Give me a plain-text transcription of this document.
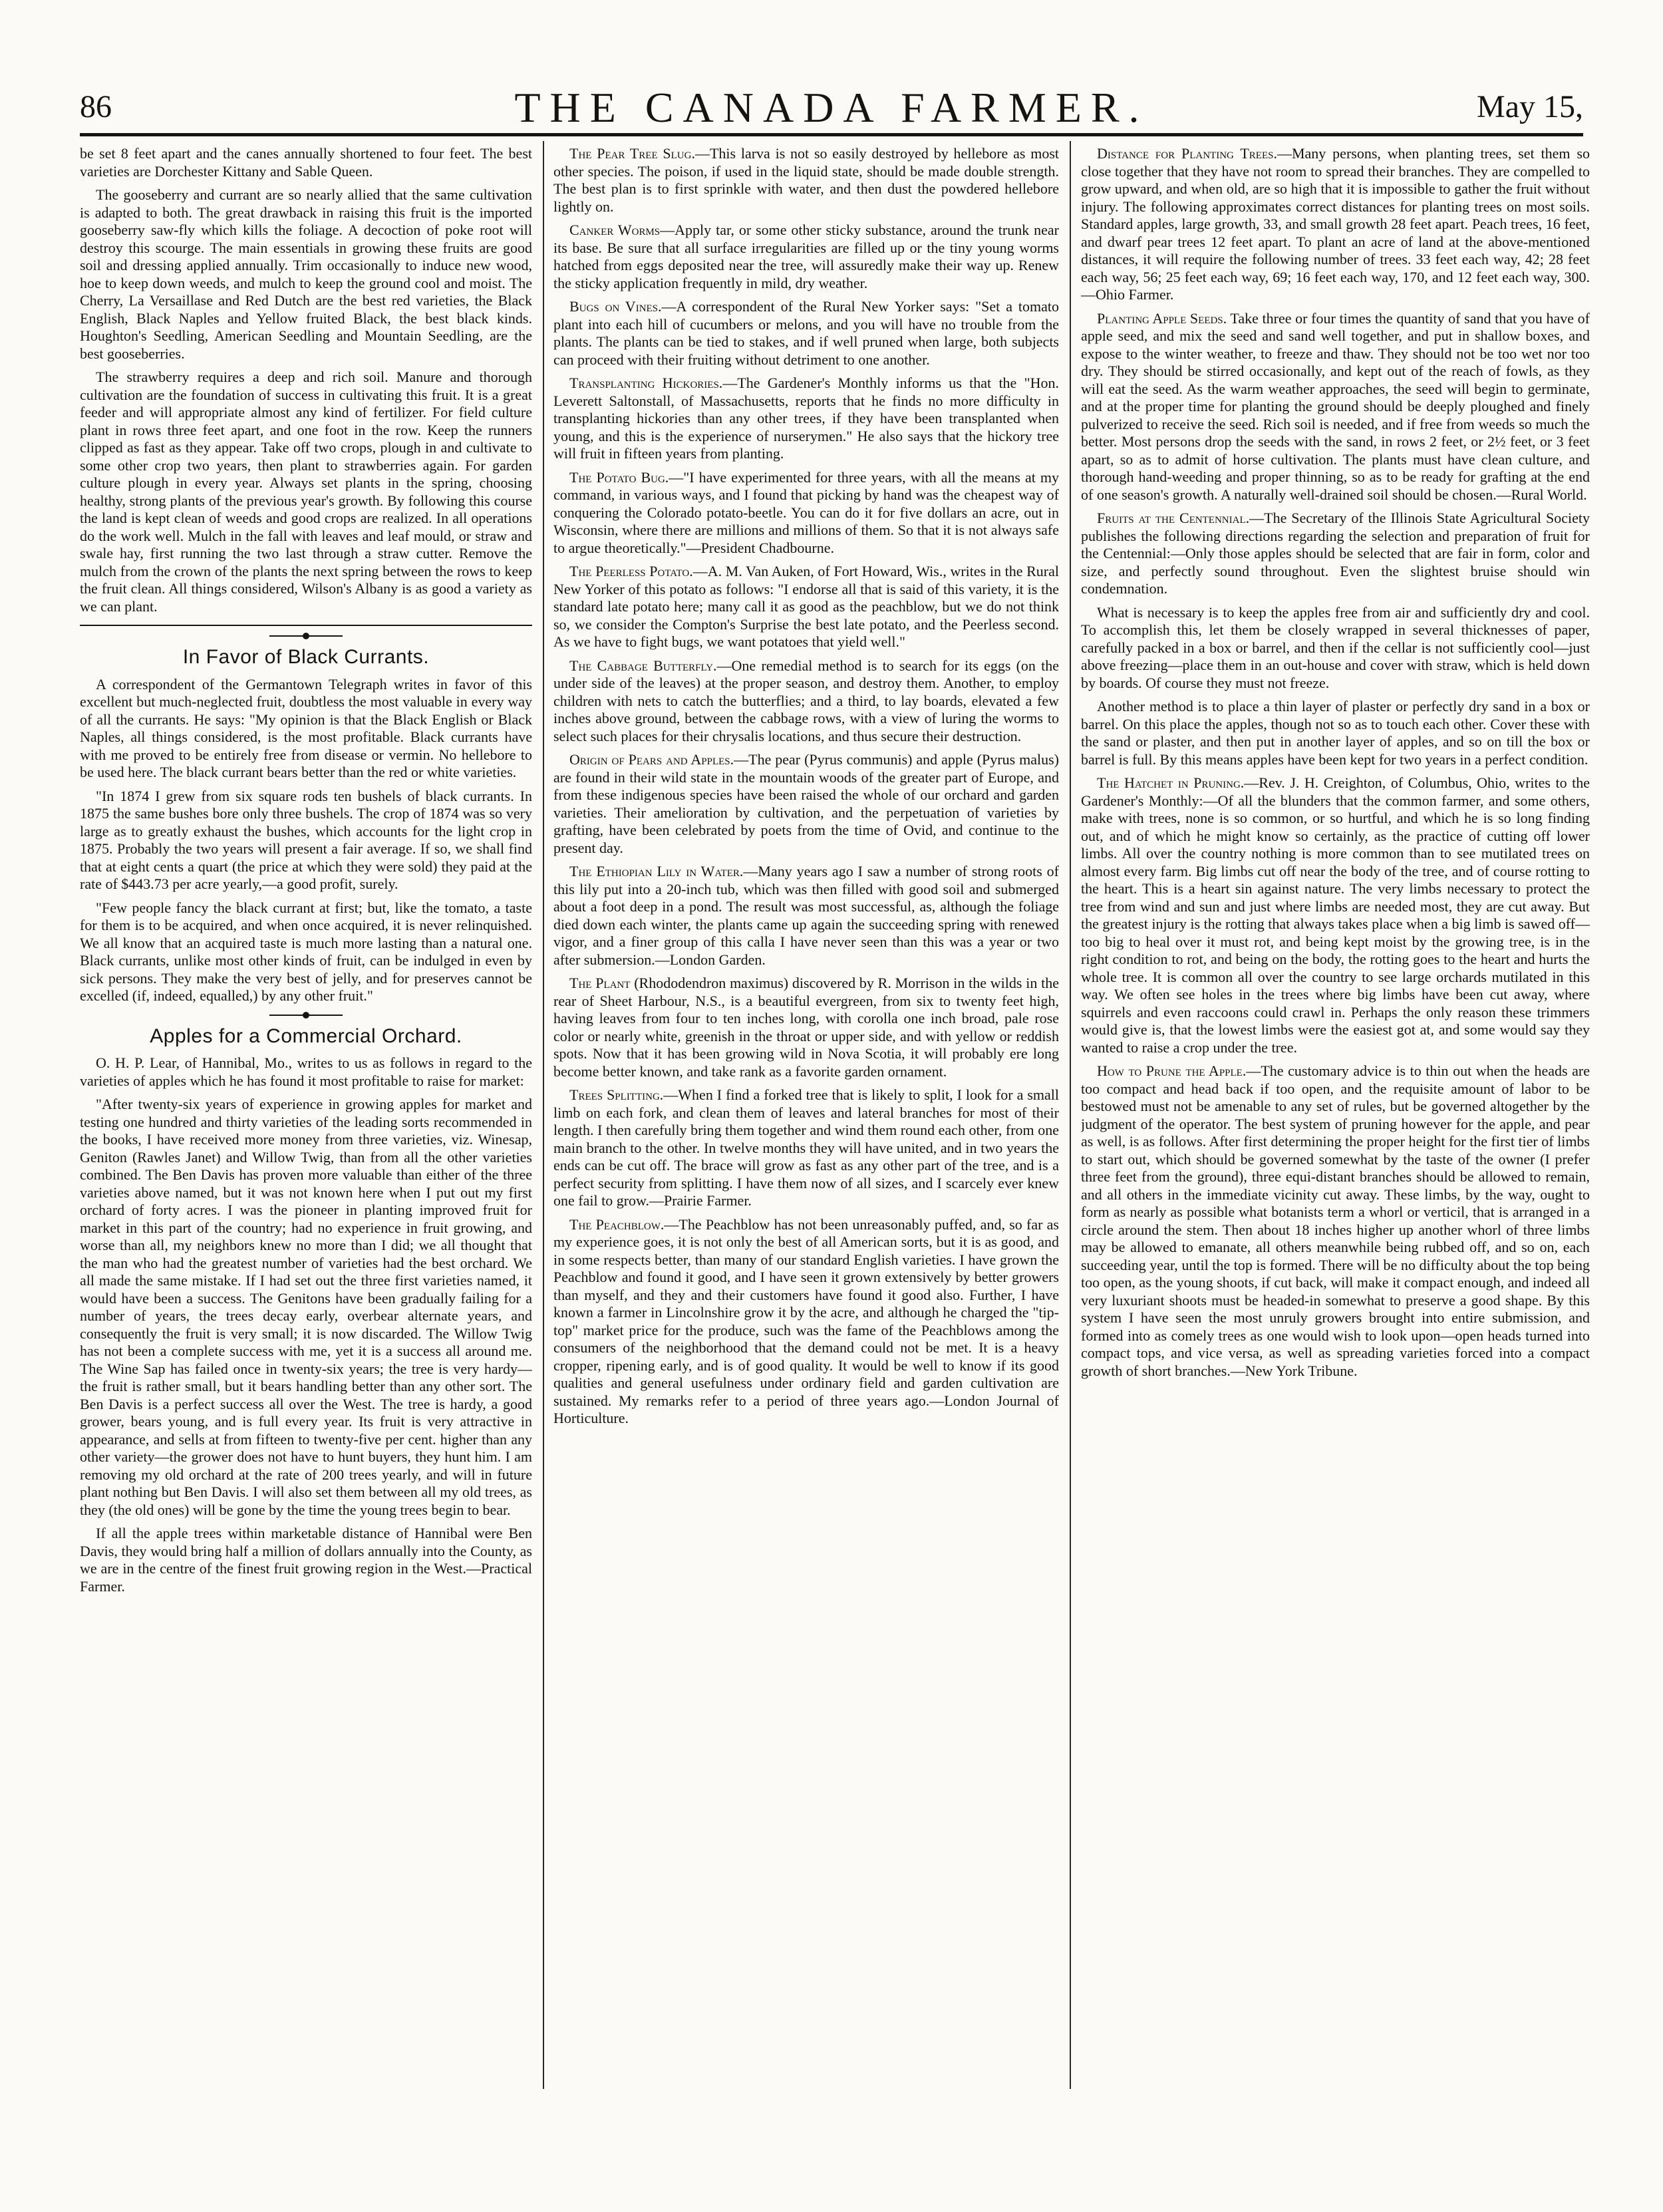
86	THE CANADA FARMER.	May 15,

be set 8 feet apart and the canes annually shortened to four feet. The best varieties are Dorchester Kittany and Sable Queen.

The gooseberry and currant are so nearly allied that the same cultivation is adapted to both. The great drawback in raising this fruit is the imported gooseberry saw-fly which kills the foliage. A decoction of poke root will destroy this scourge. The main essentials in growing these fruits are good soil and dressing applied annually. Trim occasionally to induce new wood, hoe to keep down weeds, and mulch to keep the ground cool and moist. The Cherry, La Versaillase and Red Dutch are the best red varieties, the Black English, Black Naples and Yellow fruited Black, the best black kinds. Houghton's Seedling, American Seedling and Mountain Seedling, are the best gooseberries.

The strawberry requires a deep and rich soil. Manure and thorough cultivation are the foundation of success in cultivating this fruit. It is a great feeder and will appropriate almost any kind of fertilizer. For field culture plant in rows three feet apart, and one foot in the row. Keep the runners clipped as fast as they appear. Take off two crops, plough in and cultivate to some other crop two years, then plant to strawberries again. For garden culture plough in every year. Always set plants in the spring, choosing healthy, strong plants of the previous year's growth. By following this course the land is kept clean of weeds and good crops are realized. In all operations do the work well. Mulch in the fall with leaves and leaf mould, or straw and swale hay, first running the two last through a straw cutter. Remove the mulch from the crown of the plants the next spring between the rows to keep the fruit clean. All things considered, Wilson's Albany is as good a variety as we can plant.

In Favor of Black Currants.

A correspondent of the Germantown Telegraph writes in favor of this excellent but much-neglected fruit, doubtless the most valuable in every way of all the currants. He says: "My opinion is that the Black English or Black Naples, all things considered, is the most profitable. Black currants have with me proved to be entirely free from disease or vermin. No hellebore to be used here. The black currant bears better than the red or white varieties.

"In 1874 I grew from six square rods ten bushels of black currants. In 1875 the same bushes bore only three bushels. The crop of 1874 was so very large as to greatly exhaust the bushes, which accounts for the light crop in 1875. Probably the two years will present a fair average. If so, we shall find that at eight cents a quart (the price at which they were sold) they paid at the rate of $443.73 per acre yearly,—a good profit, surely.

"Few people fancy the black currant at first; but, like the tomato, a taste for them is to be acquired, and when once acquired, it is never relinquished. We all know that an acquired taste is much more lasting than a natural one. Black currants, unlike most other kinds of fruit, can be indulged in even by sick persons. They make the very best of jelly, and for preserves cannot be excelled (if, indeed, equalled,) by any other fruit."

Apples for a Commercial Orchard.

O. H. P. Lear, of Hannibal, Mo., writes to us as follows in regard to the varieties of apples which he has found it most profitable to raise for market:

"After twenty-six years of experience in growing apples for market and testing one hundred and thirty varieties of the leading sorts recommended in the books, I have received more money from three varieties, viz. Winesap, Geniton (Rawles Janet) and Willow Twig, than from all the other varieties combined. The Ben Davis has proven more valuable than either of the three varieties above named, but it was not known here when I put out my first orchard of forty acres. I was the pioneer in planting improved fruit for market in this part of the country; had no experience in fruit growing, and worse than all, my neighbors knew no more than I did; we all thought that the man who had the greatest number of varieties had the best orchard. We all made the same mistake. If I had set out the three first varieties named, it would have been a success. The Genitons have been gradually failing for a number of years, the trees decay early, overbear alternate years, and consequently the fruit is very small; it is now discarded. The Willow Twig has not been a complete success with me, yet it is a success all around me. The Wine Sap has failed once in twenty-six years; the tree is very hardy—the fruit is rather small, but it bears handling better than any other sort. The Ben Davis is a perfect success all over the West. The tree is hardy, a good grower, bears young, and is full every year. Its fruit is very attractive in appearance, and sells at from fifteen to twenty-five per cent. higher than any other variety—the grower does not have to hunt buyers, they hunt him. I am removing my old orchard at the rate of 200 trees yearly, and will in future plant nothing but Ben Davis. I will also set them between all my old trees, as they (the old ones) will be gone by the time the young trees begin to bear.

If all the apple trees within marketable distance of Hannibal were Ben Davis, they would bring half a million of dollars annually into the County, as we are in the centre of the finest fruit growing region in the West.—Practical Farmer.

The Pear Tree Slug.—This larva is not so easily destroyed by hellebore as most other species. The poison, if used in the liquid state, should be made double strength. The best plan is to first sprinkle with water, and then dust the powdered hellebore lightly on.

Canker Worms—Apply tar, or some other sticky substance, around the trunk near its base. Be sure that all surface irregularities are filled up or the tiny young worms hatched from eggs deposited near the tree, will assuredly make their way up. Renew the sticky application frequently in mild, dry weather.

Bugs on Vines.—A correspondent of the Rural New Yorker says: "Set a tomato plant into each hill of cucumbers or melons, and you will have no trouble from the plants. The plants can be tied to stakes, and if well pruned when large, both subjects can proceed with their fruiting without detriment to one another.

Transplanting Hickories.—The Gardener's Monthly informs us that the "Hon. Leverett Saltonstall, of Massachusetts, reports that he finds no more difficulty in transplanting hickories than any other trees, if they have been transplanted when young, and this is the experience of nurserymen." He also says that the hickory tree will fruit in fifteen years from planting.

The Potato Bug.—"I have experimented for three years, with all the means at my command, in various ways, and I found that picking by hand was the cheapest way of conquering the Colorado potato-beetle. You can do it for five dollars an acre, out in Wisconsin, where there are millions and millions of them. So that it is not always safe to argue theoretically."—President Chadbourne.

The Peerless Potato.—A. M. Van Auken, of Fort Howard, Wis., writes in the Rural New Yorker of this potato as follows: "I endorse all that is said of this variety, it is the standard late potato here; many call it as good as the peachblow, but we do not think so, we consider the Compton's Surprise the best late potato, and the Peerless second. As we have to fight bugs, we want potatoes that yield well."

The Cabbage Butterfly.—One remedial method is to search for its eggs (on the under side of the leaves) at the proper season, and destroy them. Another, to employ children with nets to catch the butterflies; and a third, to lay boards, elevated a few inches above ground, between the cabbage rows, with a view of luring the worms to select such places for their chrysalis locations, and thus secure their destruction.

Origin of Pears and Apples.—The pear (Pyrus communis) and apple (Pyrus malus) are found in their wild state in the mountain woods of the greater part of Europe, and from these indigenous species have been raised the whole of our orchard and garden varieties. Their amelioration by cultivation, and the perpetuation of varieties by grafting, have been celebrated by poets from the time of Ovid, and continue to the present day.

The Ethiopian Lily in Water.—Many years ago I saw a number of strong roots of this lily put into a 20-inch tub, which was then filled with good soil and submerged about a foot deep in a pond. The result was most successful, as, although the foliage died down each winter, the plants came up again the succeeding spring with renewed vigor, and a finer group of this calla I have never seen than this was a year or two after submersion.—London Garden.

The Plant (Rhododendron maximus) discovered by R. Morrison in the wilds in the rear of Sheet Harbour, N.S., is a beautiful evergreen, from six to twenty feet high, having leaves from four to ten inches long, with corolla one inch broad, pale rose color or nearly white, greenish in the throat or upper side, and with yellow or reddish spots. Now that it has been growing wild in Nova Scotia, it will probably ere long become better known, and take rank as a favorite garden ornament.

Trees Splitting.—When I find a forked tree that is likely to split, I look for a small limb on each fork, and clean them of leaves and lateral branches for most of their length. I then carefully bring them together and wind them round each other, from one main branch to the other. In twelve months they will have united, and in two years the ends can be cut off. The brace will grow as fast as any other part of the tree, and is a perfect security from splitting. I have them now of all sizes, and I scarcely ever knew one fail to grow.—Prairie Farmer.

The Peachblow.—The Peachblow has not been unreasonably puffed, and, so far as my experience goes, it is not only the best of all American sorts, but it is as good, and in some respects better, than many of our standard English varieties. I have grown the Peachblow and found it good, and I have seen it grown extensively by better growers than myself, and they and their customers have found it good also. Further, I have known a farmer in Lincolnshire grow it by the acre, and although he charged the "tip-top" market price for the produce, such was the fame of the Peachblows among the consumers of the neighborhood that the demand could not be met. It is a heavy cropper, ripening early, and is of good quality. It would be well to know if its good qualities and general usefulness under ordinary field and garden cultivation are sustained. My remarks refer to a period of three years ago.—London Journal of Horticulture.

Distance for Planting Trees.—Many persons, when planting trees, set them so close together that they have not room to spread their branches. They are compelled to grow upward, and when old, are so high that it is impossible to gather the fruit without injury. The following approximates correct distances for planting trees on most soils. Standard apples, large growth, 33, and small growth 28 feet apart. Peach trees, 16 feet, and dwarf pear trees 12 feet apart. To plant an acre of land at the above-mentioned distances, it will require the following number of trees. 33 feet each way, 42; 28 feet each way, 56; 25 feet each way, 69; 16 feet each way, 170, and 12 feet each way, 300.—Ohio Farmer.

Planting Apple Seeds. Take three or four times the quantity of sand that you have of apple seed, and mix the seed and sand well together, and put in shallow boxes, and expose to the winter weather, to freeze and thaw. They should not be too wet nor too dry. They should be stirred occasionally, and kept out of the reach of fowls, as they will eat the seed. As the warm weather approaches, the seed will begin to germinate, and at the proper time for planting the ground should be deeply ploughed and finely pulverized to receive the seed. Rich soil is needed, and if free from weeds so much the better. Most persons drop the seeds with the sand, in rows 2 feet, or 2½ feet, or 3 feet apart, so as to admit of horse cultivation. The plants must have clean culture, and thorough hand-weeding and proper thinning, so as to be ready for grafting at the end of one season's growth. A naturally well-drained soil should be chosen.—Rural World.

Fruits at the Centennial.—The Secretary of the Illinois State Agricultural Society publishes the following directions regarding the selection and preparation of fruit for the Centennial:—Only those apples should be selected that are fair in form, color and size, and perfectly sound throughout. Even the slightest bruise should win condemnation.

What is necessary is to keep the apples free from air and sufficiently dry and cool. To accomplish this, let them be closely wrapped in several thicknesses of paper, carefully packed in a box or barrel, and then if the cellar is not sufficiently cool—just above freezing—place them in an out-house and cover with straw, which is held down by boards. Of course they must not freeze.

Another method is to place a thin layer of plaster or perfectly dry sand in a box or barrel. On this place the apples, though not so as to touch each other. Cover these with the sand or plaster, and then put in another layer of apples, and so on till the box or barrel is full. By this means apples have been kept for two years in a perfect condition.

The Hatchet in Pruning.—Rev. J. H. Creighton, of Columbus, Ohio, writes to the Gardener's Monthly:—Of all the blunders that the common farmer, and some others, make with trees, none is so common, or so hurtful, and which he is so long finding out, and of which he might know so certainly, as the practice of cutting off lower limbs. All over the country nothing is more common than to see mutilated trees on almost every farm. Big limbs cut off near the body of the tree, and of course rotting to the heart. This is a heart sin against nature. The very limbs necessary to protect the tree from wind and sun and just where limbs are needed most, they are cut away. But the greatest injury is the rotting that always takes place when a big limb is sawed off—too big to heal over it must rot, and being kept moist by the growing tree, is in the right condition to rot, and being on the body, the rotting goes to the heart and hurts the whole tree. It is common all over the country to see large orchards mutilated in this way. We often see holes in the trees where big limbs have been cut away, where squirrels and even raccoons could crawl in. Perhaps the only reason these trimmers would give is, that the lowest limbs were the easiest got at, and some would say they wanted to raise a crop under the tree.

How to Prune the Apple.—The customary advice is to thin out when the heads are too compact and head back if too open, and the requisite amount of labor to be bestowed must not be amenable to any set of rules, but be governed altogether by the judgment of the operator. The best system of pruning however for the apple, and pear as well, is as follows. After first determining the proper height for the first tier of limbs to start out, which should be governed somewhat by the taste of the owner (I prefer three feet from the ground), three equi-distant branches should be allowed to remain, and all others in the immediate vicinity cut away. These limbs, by the way, ought to form as nearly as possible what botanists term a whorl or verticil, that is arranged in a circle around the stem. Then about 18 inches higher up another whorl of three limbs may be allowed to emanate, all others meanwhile being rubbed off, and so on, each succeeding year, until the top is formed. There will be no difficulty about the top being too open, as the young shoots, if cut back, will make it compact enough, and indeed all very luxuriant shoots must be headed-in somewhat to preserve a good shape. By this system I have seen the most unruly growers brought into entire submission, and formed into as comely trees as one would wish to look upon—open heads turned into compact tops, and vice versa, as well as spreading varieties forced into a compact growth of short branches.—New York Tribune.
